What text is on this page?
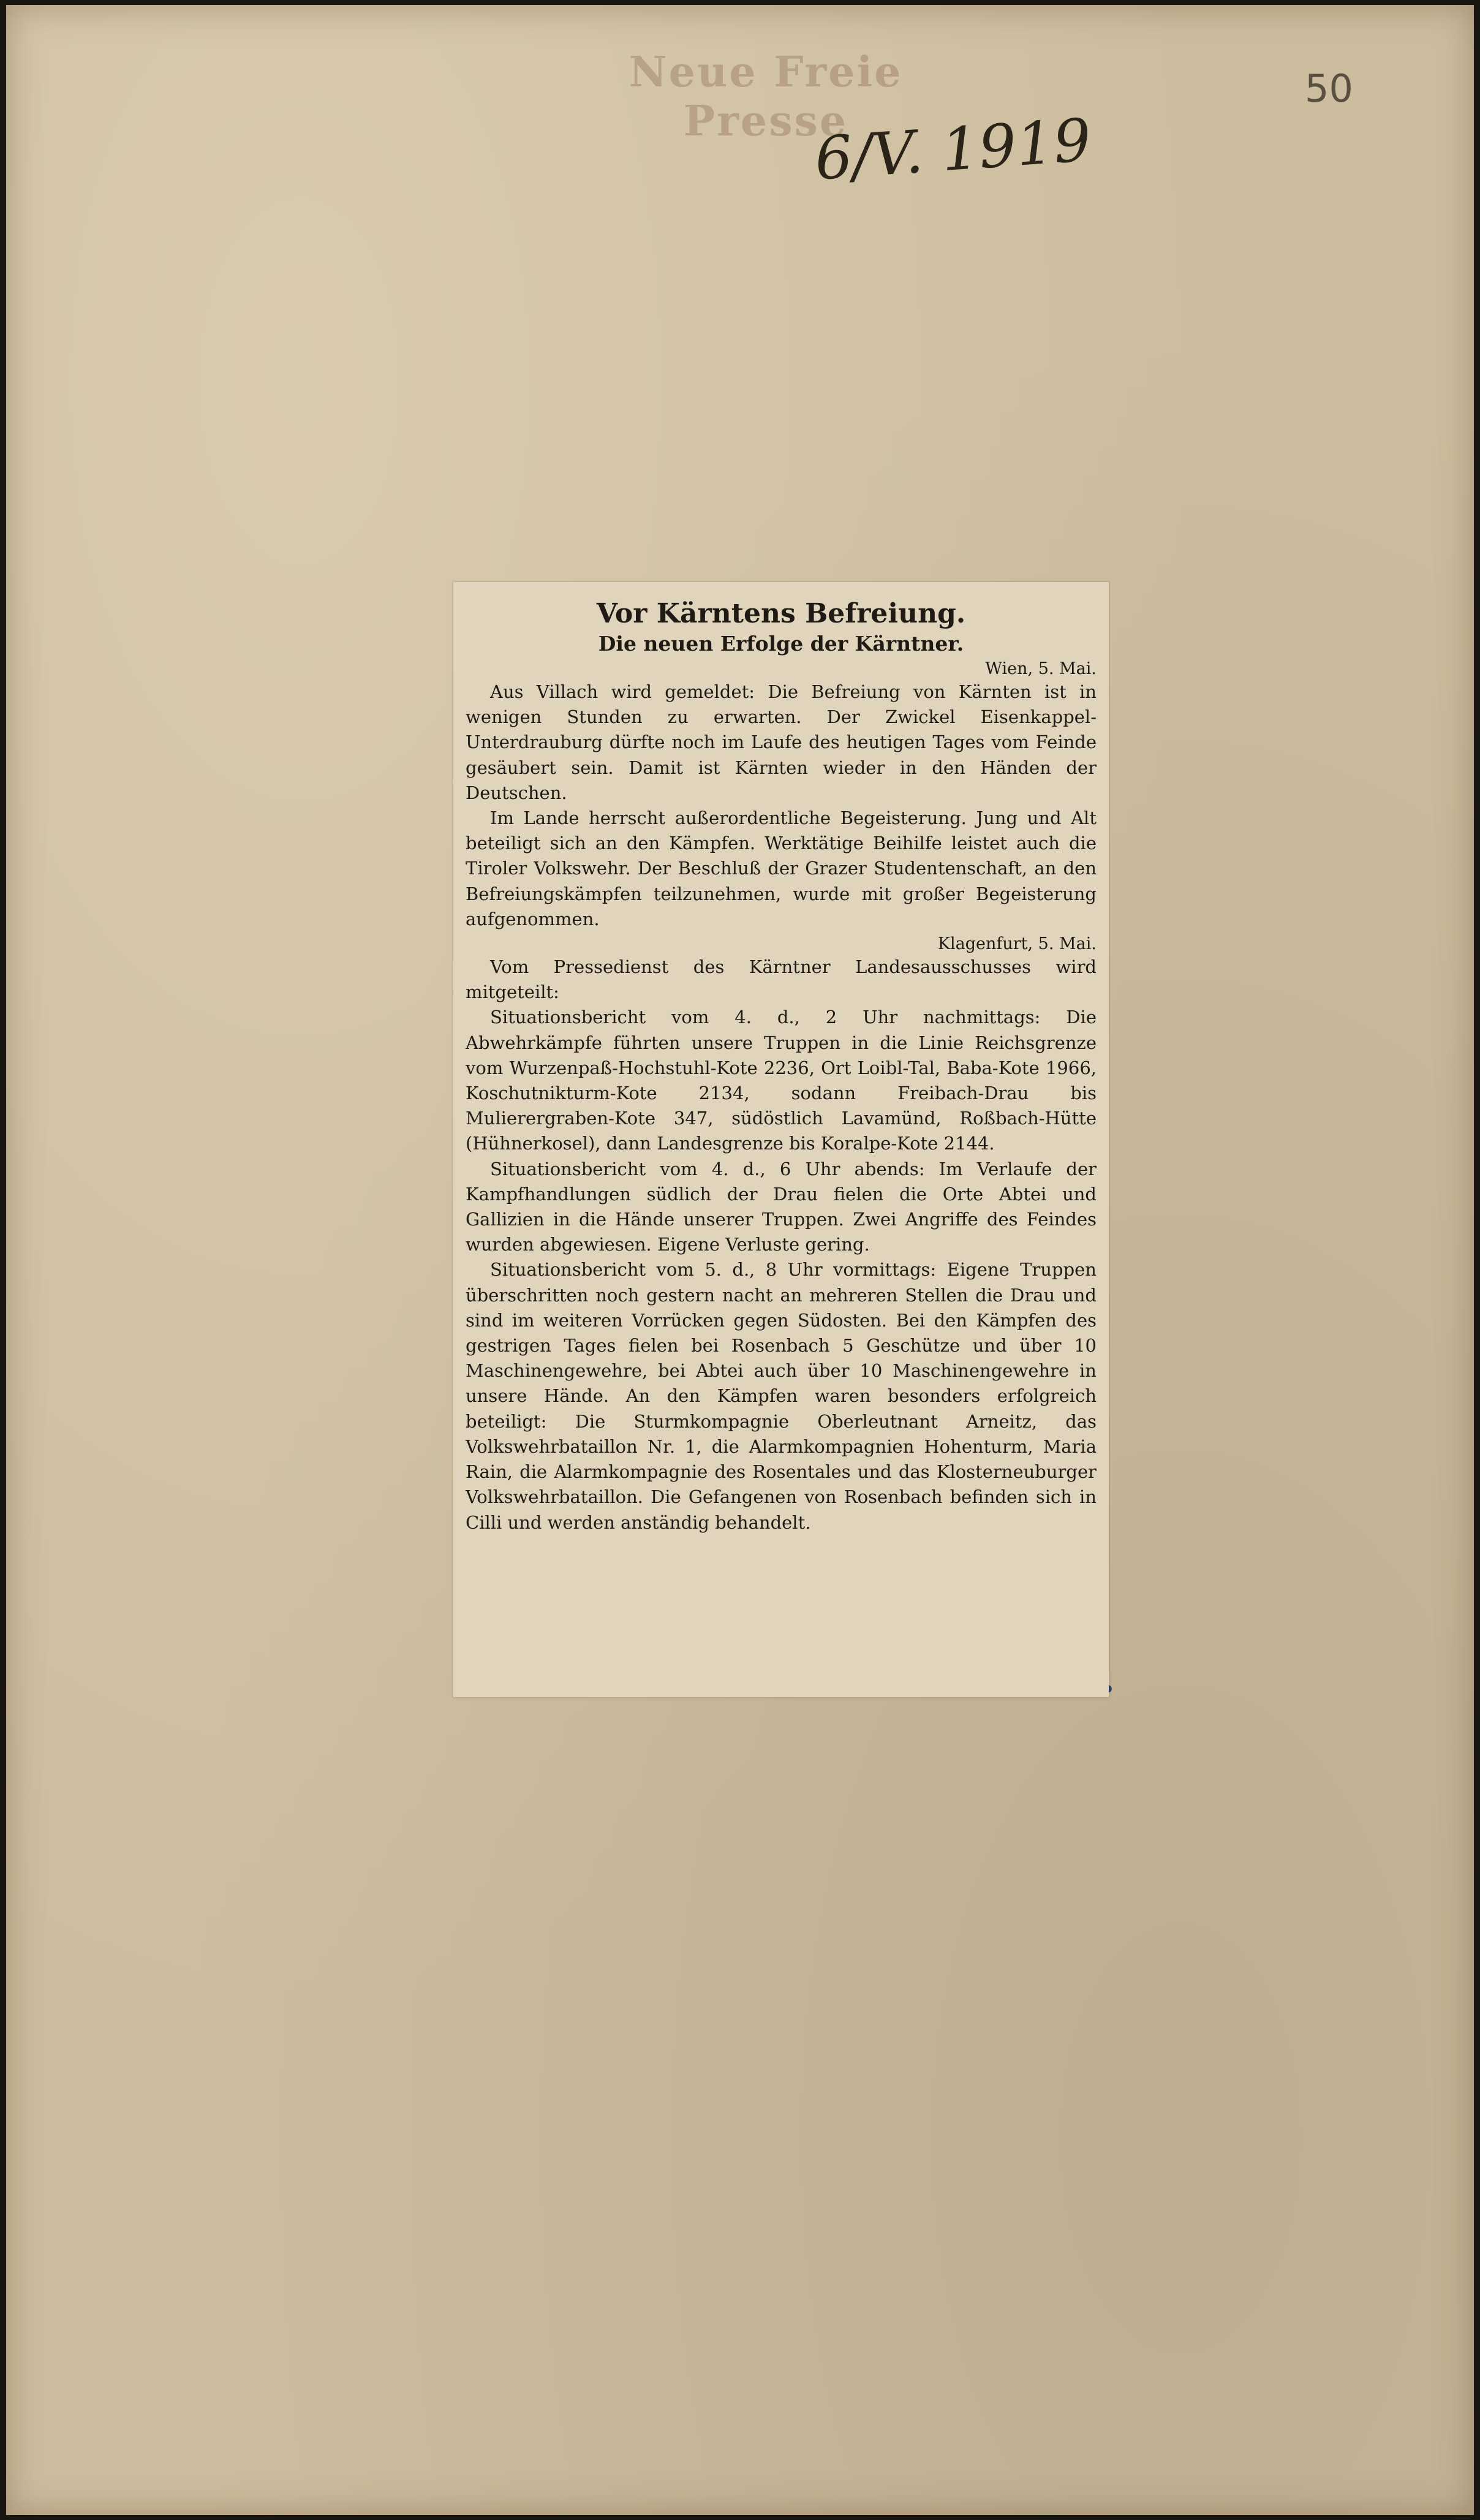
Neue Freie Presse
6/V. 1919
50
Vor Kärntens Befreiung.
Die neuen Erfolge der Kärntner.
Wien, 5. Mai.

Aus Villach wird gemeldet: Die Befreiung von Kärnten ist in wenigen Stunden zu erwarten. Der Zwickel Eisenkappel-Unterdrauburg dürfte noch im Laufe des heutigen Tages vom Feinde gesäubert sein. Damit ist Kärnten wieder in den Händen der Deutschen.

Im Lande herrscht außerordentliche Begeisterung. Jung und Alt beteiligt sich an den Kämpfen. Werktätige Beihilfe leistet auch die Tiroler Volkswehr. Der Beschluß der Grazer Studentenschaft, an den Befreiungskämpfen teilzunehmen, wurde mit großer Begeisterung aufgenommen.

Klagenfurt, 5. Mai.

Vom Pressedienst des Kärntner Landesausschusses wird mitgeteilt:

Situationsbericht vom 4. d., 2 Uhr nachmittags: Die Abwehrkämpfe führten unsere Truppen in die Linie Reichsgrenze vom Wurzenpaß-Hochstuhl-Kote 2236, Ort Loibl-Tal, Baba-Kote 1966, Koschutnikturm-Kote 2134, sodann Freibach-Drau bis Mulierergraben-Kote 347, südöstlich Lavamünd, Roßbach-Hütte (Hühnerkosel), dann Landesgrenze bis Koralpe-Kote 2144.

Situationsbericht vom 4. d., 6 Uhr abends: Im Verlaufe der Kampfhandlungen südlich der Drau fielen die Orte Abtei und Gallizien in die Hände unserer Truppen. Zwei Angriffe des Feindes wurden abgewiesen. Eigene Verluste gering.

Situationsbericht vom 5. d., 8 Uhr vormittags: Eigene Truppen überschritten noch gestern nacht an mehreren Stellen die Drau und sind im weiteren Vorrücken gegen Südosten. Bei den Kämpfen des gestrigen Tages fielen bei Rosenbach 5 Geschütze und über 10 Maschinengewehre, bei Abtei auch über 10 Maschinengewehre in unsere Hände. An den Kämpfen waren besonders erfolgreich beteiligt: Die Sturmkompagnie Oberleutnant Arneitz, das Volkswehrbataillon Nr. 1, die Alarmkompagnien Hohenturm, Maria Rain, die Alarmkompagnie des Rosentales und das Klosterneuburger Volkswehrbataillon. Die Gefangenen von Rosenbach befinden sich in Cilli und werden anständig behandelt.
